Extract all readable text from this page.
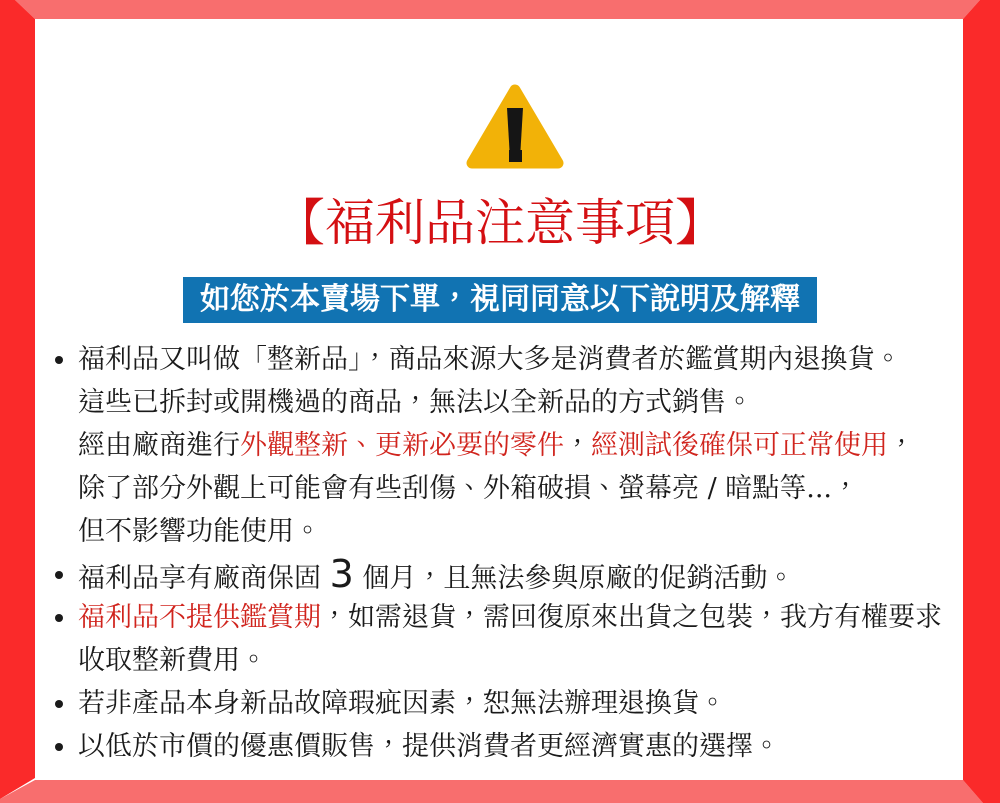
【福利品注意事項】
如您於本賣場下單，視同同意以下說明及解釋
福利品又叫做「整新品」，商品來源大多是消費者於鑑賞期內退換貨。
這些已拆封或開機過的商品，無法以全新品的方式銷售。
經由廠商進行外觀整新、更新必要的零件，經測試後確保可正常使用，
除了部分外觀上可能會有些刮傷、外箱破損、螢幕亮 / 暗點等...，
但不影響功能使用。
福利品享有廠商保固 3 個月，且無法參與原廠的促銷活動。
福利品不提供鑑賞期，如需退貨，需回復原來出貨之包裝，我方有權要求
收取整新費用。
若非產品本身新品故障瑕疵因素，恕無法辦理退換貨。
以低於市價的優惠價販售，提供消費者更經濟實惠的選擇。
